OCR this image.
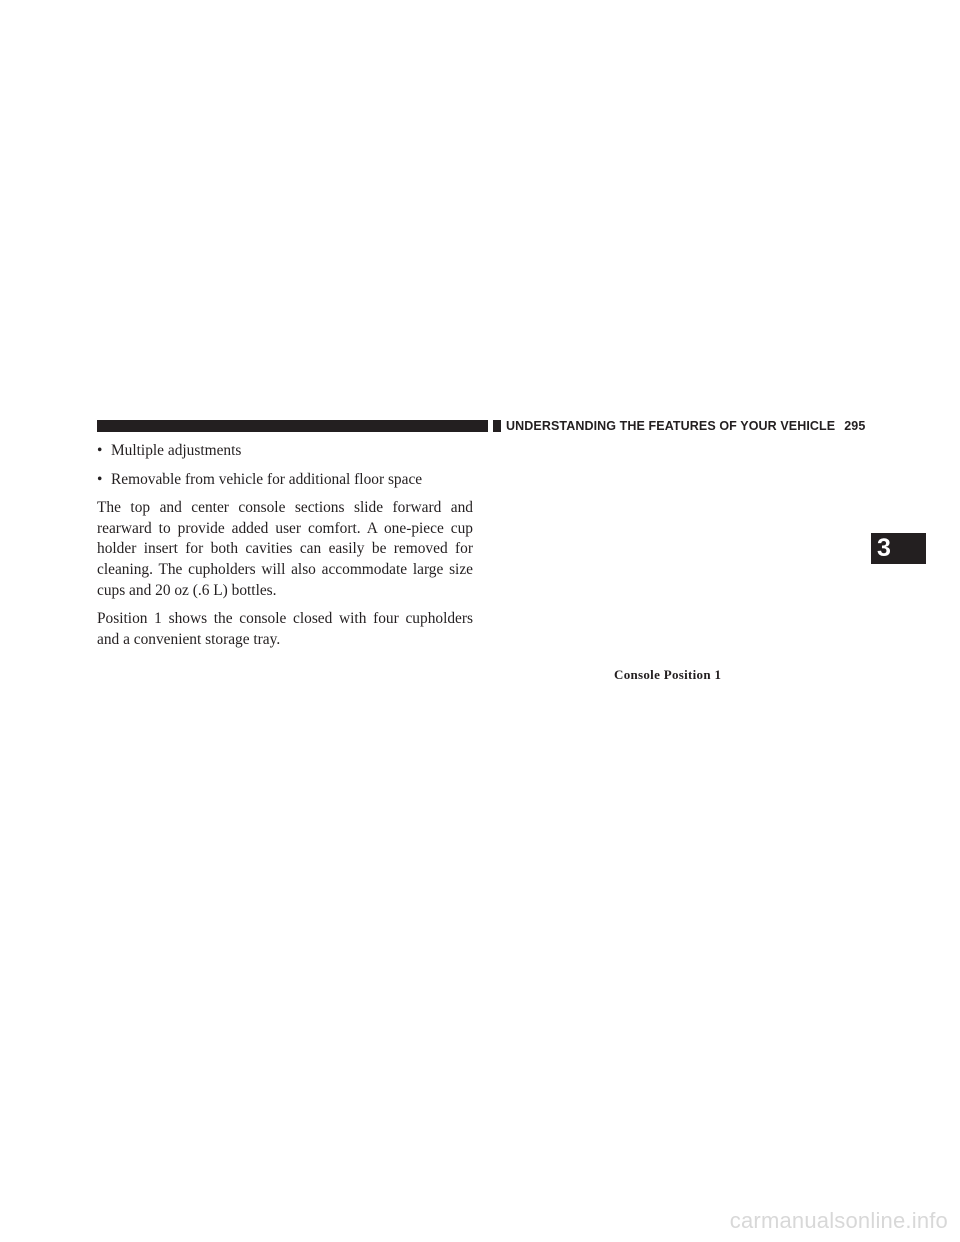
UNDERSTANDING THE FEATURES OF YOUR VEHICLE 295
• Multiple adjustments
• Removable from vehicle for additional floor space

The top and center console sections slide forward and rearward to provide added user comfort. A one-piece cup holder insert for both cavities can easily be removed for cleaning. The cupholders will also accommodate large size cups and 20 oz (.6 L) bottles.

Position 1 shows the console closed with four cupholders and a convenient storage tray.

Console Position 1
3
carmanualsonline.info
